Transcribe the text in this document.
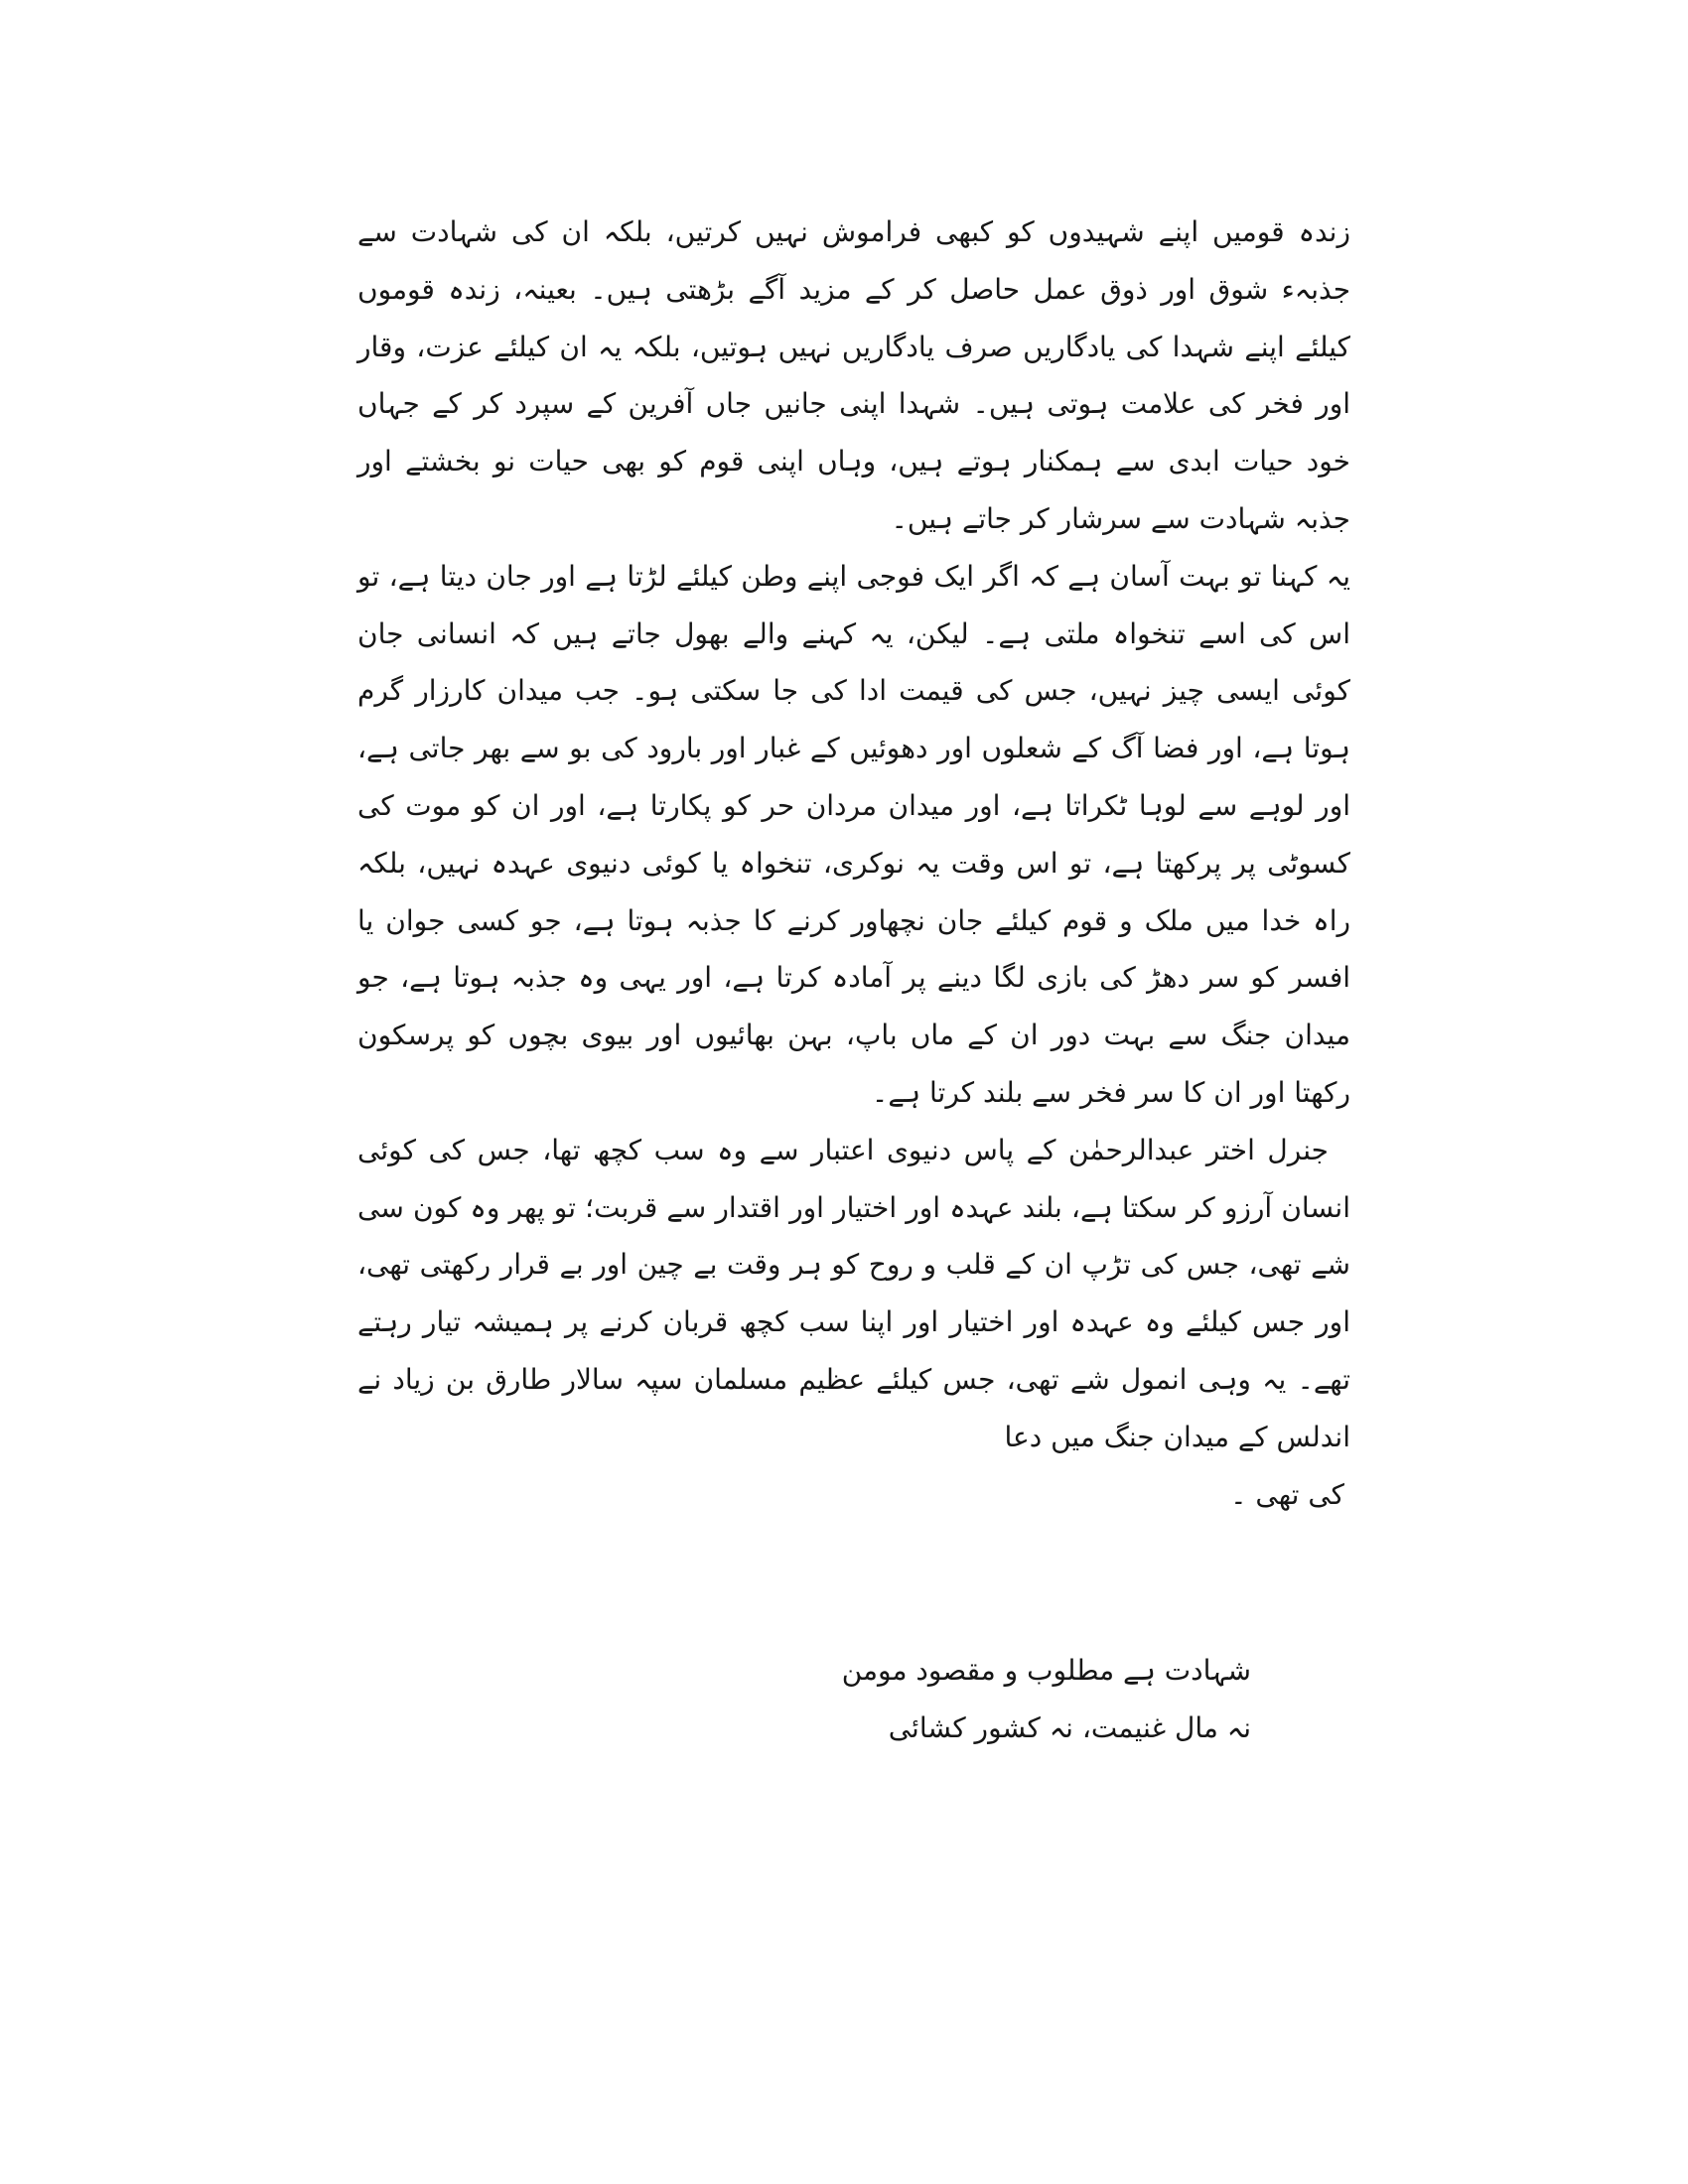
زندہ قومیں اپنے شہیدوں کو کبھی فراموش نہیں کرتیں، بلکہ ان کی شہادت سے جذبہء شوق اور ذوق عمل حاصل کر کے مزید آگے بڑھتی ہیں۔ بعینہ، زندہ قوموں کیلئے اپنے شہدا کی یادگاریں صرف یادگاریں نہیں ہوتیں، بلکہ یہ ان کیلئے عزت، وقار اور فخر کی علامت ہوتی ہیں۔ شہدا اپنی جانیں جاں آفرین کے سپرد کر کے جہاں خود حیات ابدی سے ہمکنار ہوتے ہیں، وہاں اپنی قوم کو بھی حیات نو بخشتے اور جذبہ شہادت سے سرشار کر جاتے ہیں۔

یہ کہنا تو بہت آسان ہے کہ اگر ایک فوجی اپنے وطن کیلئے لڑتا ہے اور جان دیتا ہے، تو اس کی اسے تنخواہ ملتی ہے۔ لیکن، یہ کہنے والے بھول جاتے ہیں کہ انسانی جان کوئی ایسی چیز نہیں، جس کی قیمت ادا کی جا سکتی ہو۔ جب میدان کارزار گرم ہوتا ہے، اور فضا آگ کے شعلوں اور دھوئیں کے غبار اور بارود کی بو سے بھر جاتی ہے، اور لوہے سے لوہا ٹکراتا ہے، اور میدان مردان حر کو پکارتا ہے، اور ان کو موت کی کسوٹی پر پرکھتا ہے، تو اس وقت یہ نوکری، تنخواہ یا کوئی دنیوی عہدہ نہیں، بلکہ راہ خدا میں ملک و قوم کیلئے جان نچھاور کرنے کا جذبہ ہوتا ہے، جو کسی جوان یا افسر کو سر دھڑ کی بازی لگا دینے پر آمادہ کرتا ہے، اور یہی وہ جذبہ ہوتا ہے، جو میدان جنگ سے بہت دور ان کے ماں باپ، بہن بھائیوں اور بیوی بچوں کو پرسکون رکھتا اور ان کا سر فخر سے بلند کرتا ہے۔

جنرل اختر عبدالرحمٰن کے پاس دنیوی اعتبار سے وہ سب کچھ تھا، جس کی کوئی انسان آرزو کر سکتا ہے، بلند عہدہ اور اختیار اور اقتدار سے قربت؛ تو پھر وہ کون سی شے تھی، جس کی تڑپ ان کے قلب و روح کو ہر وقت بے چین اور بے قرار رکھتی تھی، اور جس کیلئے وہ عہدہ اور اختیار اور اپنا سب کچھ قربان کرنے پر ہمیشہ تیار رہتے تھے۔ یہ وہی انمول شے تھی، جس کیلئے عظیم مسلمان سپہ سالار طارق بن زیاد نے اندلس کے میدان جنگ میں دعا

کی تھی ۔

شہادت ہے مطلوب و مقصود مومن
نہ مال غنیمت، نہ کشور کشائی
